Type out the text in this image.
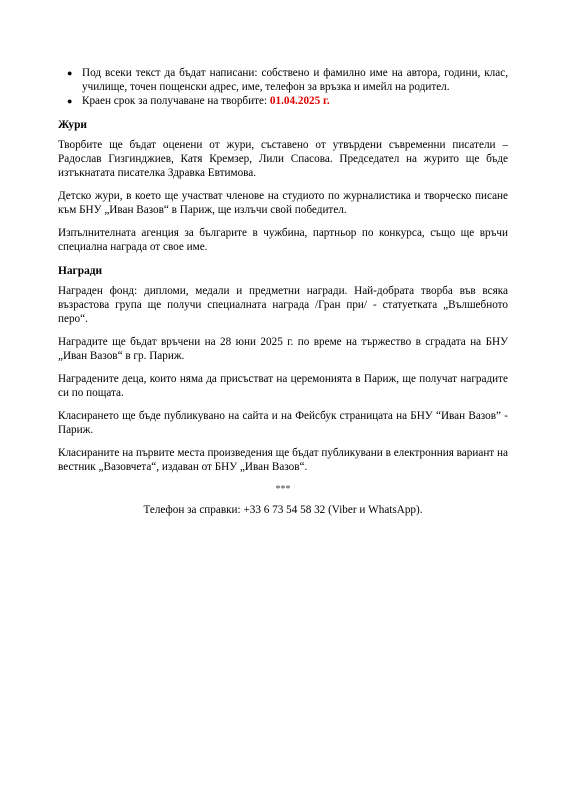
● Под всеки текст да бъдат написани: собствено и фамилно име на автора, години, клас, училище, точен пощенски адрес, име, телефон за връзка и имейл на родител.
● Краен срок за получаване на творбите: 01.04.2025 г.
Жури

Творбите ще бъдат оценени от жури, съставено от утвърдени съвременни писатели – Радослав Гизгинджиев, Катя Кремзер, Лили Спасова. Председател на журито ще бъде изтъкнатата писателка Здравка Евтимова.

Детско жури, в което ще участват членове на студиото по журналистика и творческо писане към БНУ „Иван Вазов“ в Париж, ще излъчи свой победител.

Изпълнителната агенция за българите в чужбина, партньор по конкурса, също ще връчи специална награда от свое име.

Награди

Награден фонд: дипломи, медали и предметни награди. Най-добрата творба във всяка възрастова група ще получи специалната награда /Гран при/ - статуетката „Вълшебното перо“.

Наградите ще бъдат връчени на 28 юни 2025 г. по време на тържество в сградата на БНУ „Иван Вазов“ в гр. Париж.

Наградените деца, които няма да присъстват на церемонията в Париж, ще получат наградите си по пощата.

Класирането ще бъде публикувано на сайта и на Фейсбук страницата на БНУ “Иван Вазов” - Париж.

Класираните на първите места произведения ще бъдат публикувани в електронния вариант на вестник „Вазовчета“, издаван от БНУ „Иван Вазов“.

***

Телефон за справки: +33 6 73 54 58 32 (Viber и WhatsApp).
